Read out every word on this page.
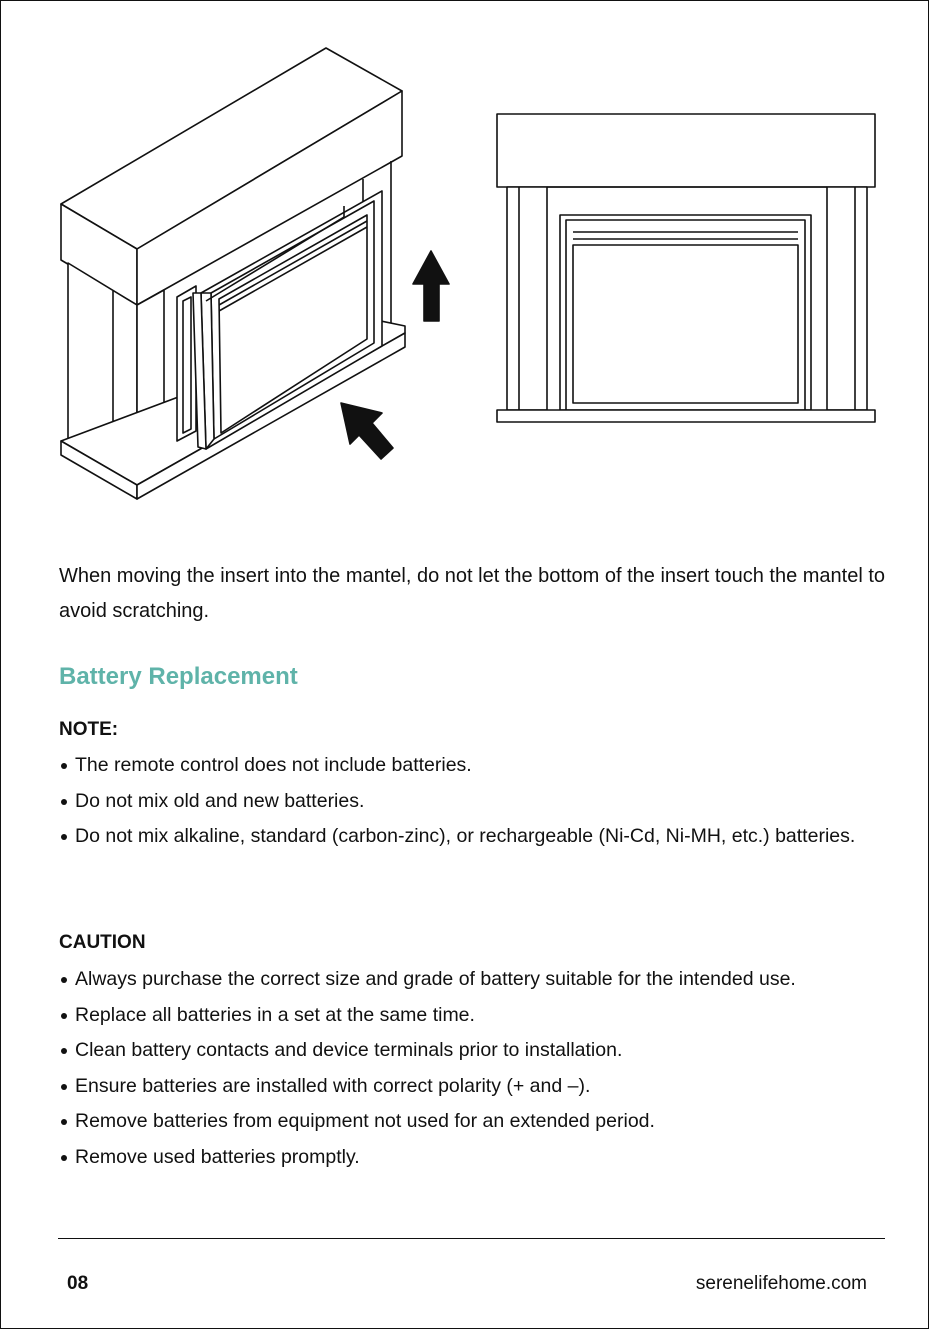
When moving the insert into the mantel, do not let the bottom of the insert touch the mantel to avoid scratching.

Battery Replacement

NOTE:

The remote control does not include batteries.
Do not mix old and new batteries.
Do not mix alkaline, standard (carbon-zinc), or rechargeable (Ni-Cd, Ni-MH, etc.) batteries.

CAUTION

Always purchase the correct size and grade of battery suitable for the intended use.
Replace all batteries in a set at the same time.
Clean battery contacts and device terminals prior to installation.
Ensure batteries are installed with correct polarity (+ and –).
Remove batteries from equipment not used for an extended period.
Remove used batteries promptly.

08	serenelifehome.com
